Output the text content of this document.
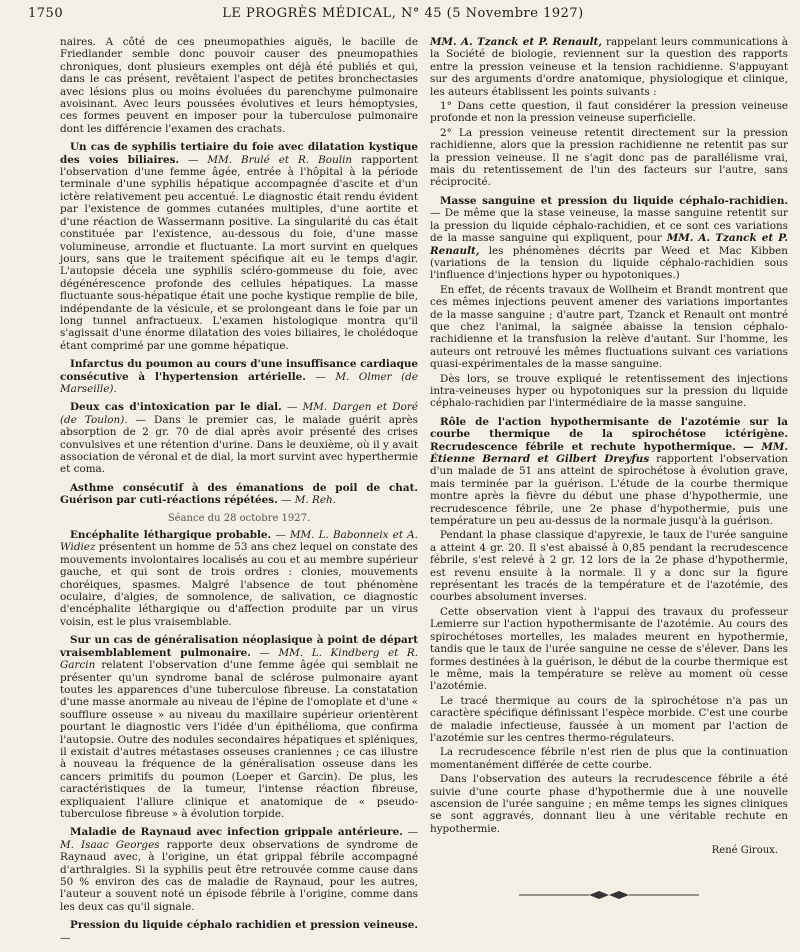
1750	LE PROGRÈS MÉDICAL, N° 45 (5 Novembre 1927)

naires. A côté de ces pneumopathies aiguës, le bacille de Friedlander semble donc pouvoir causer des pneumopathies chroniques, dont plusieurs exemples ont déjà été publiés et qui, dans le cas présent, revêtaient l'aspect de petites bronchectasies avec lésions plus ou moins évoluées du parenchyme pulmonaire avoisinant. Avec leurs poussées évolutives et leurs hémoptysies, ces formes peuvent en imposer pour la tuberculose pulmonaire dont les différencie l'examen des crachats.

Un cas de syphilis tertiaire du foie avec dilatation kystique des voies biliaires. — MM. Brulé et R. Boulin rapportent l'observation d'une femme âgée, entrée à l'hôpital à la période terminale d'une syphilis hépatique accompagnée d'ascite et d'un ictère relativement peu accentué. Le diagnostic était rendu évident par l'existence de gommes cutanées multiples, d'une aortite et d'une réaction de Wassermann positive. La singularité du cas était constituée par l'existence, au-dessous du foie, d'une masse volumineuse, arrondie et fluctuante. La mort survint en quelques jours, sans que le traitement spécifique ait eu le temps d'agir. L'autopsie décela une syphilis scléro-gommeuse du foie, avec dégénérescence profonde des cellules hépatiques. La masse fluctuante sous-hépatique était une poche kystique remplie de bile, indépendante de la vésicule, et se prolongeant dans le foie par un long tunnel anfractueux. L'examen histologique montra qu'il s'agissait d'une énorme dilatation des voies biliaires, le cholédoque étant comprimé par une gomme hépatique.

Infarctus du poumon au cours d'une insuffisance cardiaque consécutive à l'hypertension artérielle. — M. Olmer (de Marseille).

Deux cas d'intoxication par le dial. — MM. Dargen et Doré (de Toulon). — Dans le premier cas, le malade guérit après absorption de 2 gr. 70 de dial après avoir présenté des crises convulsives et une rétention d'urine. Dans le deuxième, où il y avait association de véronal et de dial, la mort survint avec hyperthermie et coma.

Asthme consécutif à des émanations de poil de chat. Guérison par cuti-réactions répétées. — M. Reh.

Séance du 28 octobre 1927.

Encéphalite léthargique probable. — MM. L. Babonneix et A. Widiez présentent un homme de 53 ans chez lequel on constate des mouvements involontaires localisés au cou et au membre supérieur gauche, et qui sont de trois ordres : clonies, mouvements choréiques, spasmes. Malgré l'absence de tout phénomène oculaire, d'algies, de somnolence, de salivation, ce diagnostic d'encéphalite léthargique ou d'affection produite par un virus voisin, est le plus vraisemblable.

Sur un cas de généralisation néoplasique à point de départ vraisemblablement pulmonaire. — MM. L. Kindberg et R. Garcin relatent l'observation d'une femme âgée qui semblait ne présenter qu'un syndrome banal de sclérose pulmonaire ayant toutes les apparences d'une tuberculose fibreuse. La constatation d'une masse anormale au niveau de l'épine de l'omoplate et d'une « soufflure osseuse » au niveau du maxillaire supérieur orientèrent pourtant le diagnostic vers l'idée d'un épithélioma, que confirma l'autopsie. Outre des nodules secondaires hépatiques et spléniques, il existait d'autres métastases osseuses craniennes ; ce cas illustre à nouveau la fréquence de la généralisation osseuse dans les cancers primitifs du poumon (Loeper et Garcin). De plus, les caractéristiques de la tumeur, l'intense réaction fibreuse, expliquaient l'allure clinique et anatomique de « pseudo-tuberculose fibreuse » à évolution torpide.

Maladie de Raynaud avec infection grippale antérieure. — M. Isaac Georges rapporte deux observations de syndrome de Raynaud avec, à l'origine, un état grippal fébrile accompagné d'arthralgies. Si la syphilis peut être retrouvée comme cause dans 50 % environ des cas de maladie de Raynaud, pour les autres, l'auteur a souvent noté un épisode fébrile à l'origine, comme dans les deux cas qu'il signale.

Pression du liquide céphalo rachidien et pression veineuse. —

MM. A. Tzanck et P. Renault, rappelant leurs communications à la Société de biologie, reviennent sur la question des rapports entre la pression veineuse et la tension rachidienne. S'appuyant sur des arguments d'ordre anatomique, physiologique et clinique, les auteurs établissent les points suivants :

1° Dans cette question, il faut considérer la pression veineuse profonde et non la pression veineuse superficielle.

2° La pression veineuse retentit directement sur la pression rachidienne, alors que la pression rachidienne ne retentit pas sur la pression veineuse. Il ne s'agit donc pas de parallélisme vrai, mais du retentissement de l'un des facteurs sur l'autre, sans réciprocité.

Masse sanguine et pression du liquide céphalo-rachidien. — De même que la stase veineuse, la masse sanguine retentit sur la pression du liquide céphalo-rachidien, et ce sont ces variations de la masse sanguine qui expliquent, pour MM. A. Tzanck et P. Renault, les phénomènes décrits par Weed et Mac Kibben (variations de la tension du liquide céphalo-rachidien sous l'influence d'injections hyper ou hypotoniques.)

En effet, de récents travaux de Wollheim et Brandt montrent que ces mêmes injections peuvent amener des variations importantes de la masse sanguine ; d'autre part, Tzanck et Renault ont montré que chez l'animal, la saignée abaisse la tension céphalo-rachidienne et la transfusion la relève d'autant. Sur l'homme, les auteurs ont retrouvé les mêmes fluctuations suivant ces variations quasi-expérimentales de la masse sanguine.

Dès lors, se trouve expliqué le retentissement des injections intra-veineuses hyper ou hypotoniques sur la pression du liquide céphalo-rachidien par l'intermédiaire de la masse sanguine.

Rôle de l'action hypothermisante de l'azotémie sur la courbe thermique de la spirochétose ictérigène. Recrudescence fébrile et rechute hypothermique. — MM. Étienne Bernard et Gilbert Dreyfus rapportent l'observation d'un malade de 51 ans atteint de spirochétose à évolution grave, mais terminée par la guérison. L'étude de la courbe thermique montre après la fièvre du début une phase d'hypothermie, une recrudescence fébrile, une 2e phase d'hypothermie, puis une température un peu au-dessus de la normale jusqu'à la guérison.

Pendant la phase classique d'apyrexie, le taux de l'urée sanguine a atteint 4 gr. 20. Il s'est abaissé à 0,85 pendant la recrudescence fébrile, s'est relevé à 2 gr. 12 lors de la 2e phase d'hypothermie, est revenu ensuite à la normale. Il y a donc sur la figure représentant les tracés de la température et de l'azotémie, des courbes absolument inverses.

Cette observation vient à l'appui des travaux du professeur Lemierre sur l'action hypothermisante de l'azotémie. Au cours des spirochétoses mortelles, les malades meurent en hypothermie, tandis que le taux de l'urée sanguine ne cesse de s'élever. Dans les formes destinées à la guérison, le début de la courbe thermique est le même, mais la température se relève au moment où cesse l'azotémie.

Le tracé thermique au cours de la spirochétose n'a pas un caractère spécifique définissant l'espèce morbide. C'est une courbe de maladie infectieuse, faussée à un moment par l'action de l'azotémie sur les centres thermo-régulateurs.

La recrudescence fébrile n'est rien de plus que la continuation momentanément différée de cette courbe.

Dans l'observation des auteurs la recrudescence fébrile a été suivie d'une courte phase d'hypothermie due à une nouvelle ascension de l'urée sanguine ; en même temps les signes cliniques se sont aggravés, donnant lieu à une véritable rechute en hypothermie.

René Giroux.
